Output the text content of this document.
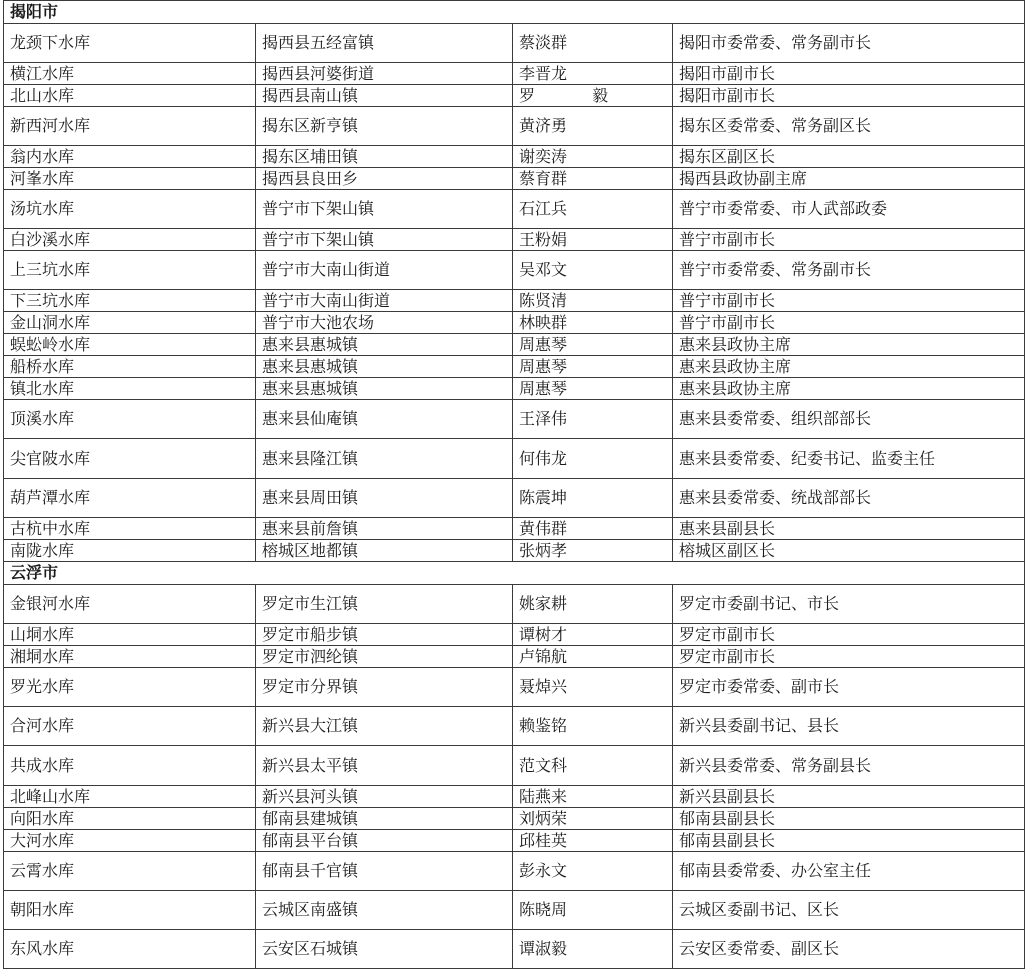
揭阳市			
龙颈下水库	揭西县五经富镇	蔡淡群	揭阳市委常委、常务副市长
横江水库	揭西县河婆街道	李晋龙	揭阳市副市长
北山水库	揭西县南山镇	罗 毅	揭阳市副市长
新西河水库	揭东区新亨镇	黄济勇	揭东区委常委、常务副区长
翁内水库	揭东区埔田镇	谢奕涛	揭东区副区长
河峯水库	揭西县良田乡	蔡育群	揭西县政协副主席
汤坑水库	普宁市下架山镇	石江兵	普宁市委常委、市人武部政委
白沙溪水库	普宁市下架山镇	王粉娟	普宁市副市长
上三坑水库	普宁市大南山街道	吴邓文	普宁市委常委、常务副市长
下三坑水库	普宁市大南山街道	陈贤清	普宁市副市长
金山洞水库	普宁市大池农场	林映群	普宁市副市长
蜈蚣岭水库	惠来县惠城镇	周惠琴	惠来县政协主席
船桥水库	惠来县惠城镇	周惠琴	惠来县政协主席
镇北水库	惠来县惠城镇	周惠琴	惠来县政协主席
顶溪水库	惠来县仙庵镇	王泽伟	惠来县委常委、组织部部长
尖官陂水库	惠来县隆江镇	何伟龙	惠来县委常委、纪委书记、监委主任
葫芦潭水库	惠来县周田镇	陈震坤	惠来县委常委、统战部部长
古杭中水库	惠来县前詹镇	黄伟群	惠来县副县长
南陇水库	榕城区地都镇	张炳孝	榕城区副区长
云浮市			
金银河水库	罗定市生江镇	姚家耕	罗定市委副书记、市长
山垌水库	罗定市船步镇	谭树才	罗定市副市长
湘垌水库	罗定市泗纶镇	卢锦航	罗定市副市长
罗光水库	罗定市分界镇	聂焯兴	罗定市委常委、副市长
合河水库	新兴县大江镇	赖鉴铭	新兴县委副书记、县长
共成水库	新兴县太平镇	范文科	新兴县委常委、常务副县长
北峰山水库	新兴县河头镇	陆燕来	新兴县副县长
向阳水库	郁南县建城镇	刘炳荣	郁南县副县长
大河水库	郁南县平台镇	邱桂英	郁南县副县长
云霄水库	郁南县千官镇	彭永文	郁南县委常委、办公室主任
朝阳水库	云城区南盛镇	陈晓周	云城区委副书记、区长
东风水库	云安区石城镇	谭淑毅	云安区委常委、副区长
